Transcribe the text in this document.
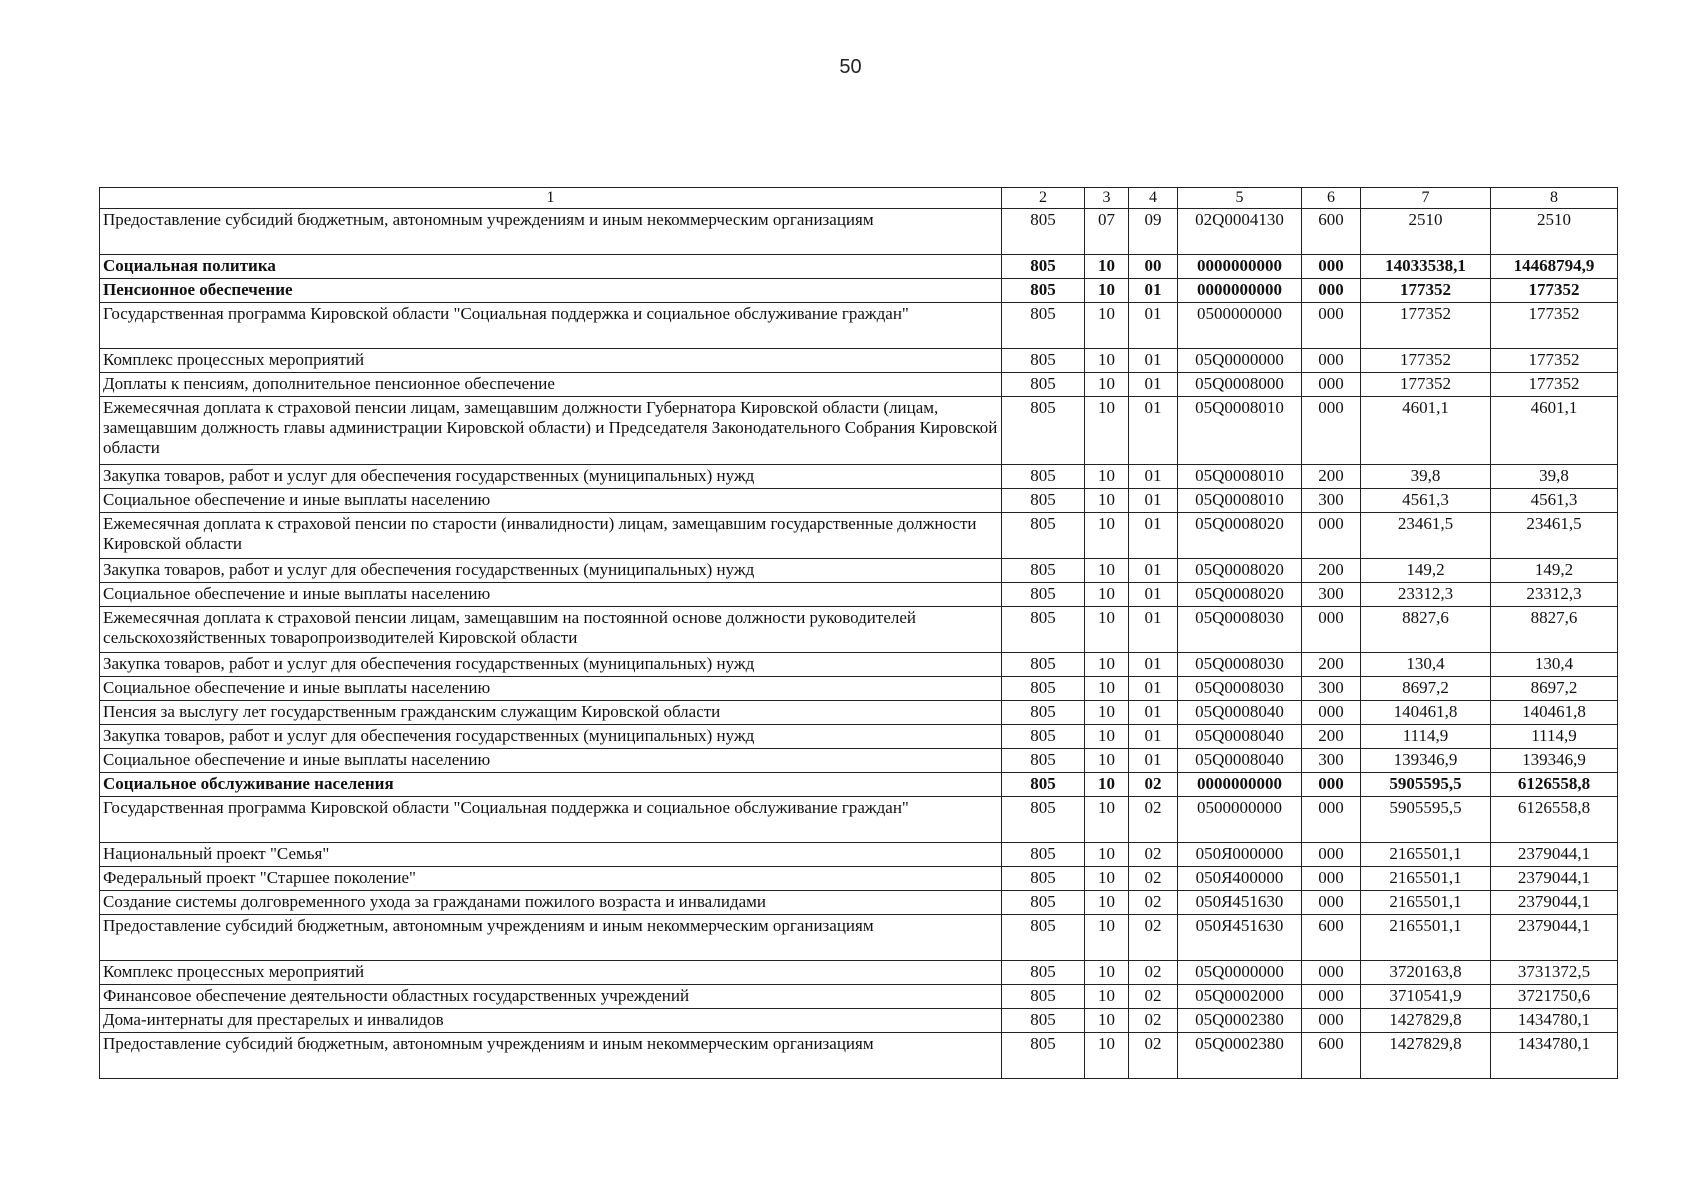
50
1	2	3	4	5	6	7	8
Предоставление субсидий бюджетным, автономным учреждениям и иным некоммерческим организациям	805	07	09	02Q0004130	600	2510	2510
Социальная политика	805	10	00	0000000000	000	14033538,1	14468794,9
Пенсионное обеспечение	805	10	01	0000000000	000	177352	177352
Государственная программа Кировской области "Социальная поддержка и социальное обслуживание граждан"	805	10	01	0500000000	000	177352	177352
Комплекс процессных мероприятий	805	10	01	05Q0000000	000	177352	177352
Доплаты к пенсиям, дополнительное пенсионное обеспечение	805	10	01	05Q0008000	000	177352	177352
Ежемесячная доплата к страховой пенсии лицам, замещавшим должности Губернатора Кировской области (лицам, замещавшим должность главы администрации Кировской области) и Председателя Законодательного Собрания Кировской области	805	10	01	05Q0008010	000	4601,1	4601,1
Закупка товаров, работ и услуг для обеспечения государственных (муниципальных) нужд	805	10	01	05Q0008010	200	39,8	39,8
Социальное обеспечение и иные выплаты населению	805	10	01	05Q0008010	300	4561,3	4561,3
Ежемесячная доплата к страховой пенсии по старости (инвалидности) лицам, замещавшим государственные должности Кировской области	805	10	01	05Q0008020	000	23461,5	23461,5
Закупка товаров, работ и услуг для обеспечения государственных (муниципальных) нужд	805	10	01	05Q0008020	200	149,2	149,2
Социальное обеспечение и иные выплаты населению	805	10	01	05Q0008020	300	23312,3	23312,3
Ежемесячная доплата к страховой пенсии лицам, замещавшим на постоянной основе должности руководителей сельскохозяйственных товаропроизводителей Кировской области	805	10	01	05Q0008030	000	8827,6	8827,6
Закупка товаров, работ и услуг для обеспечения государственных (муниципальных) нужд	805	10	01	05Q0008030	200	130,4	130,4
Социальное обеспечение и иные выплаты населению	805	10	01	05Q0008030	300	8697,2	8697,2
Пенсия за выслугу лет государственным гражданским служащим Кировской области	805	10	01	05Q0008040	000	140461,8	140461,8
Закупка товаров, работ и услуг для обеспечения государственных (муниципальных) нужд	805	10	01	05Q0008040	200	1114,9	1114,9
Социальное обеспечение и иные выплаты населению	805	10	01	05Q0008040	300	139346,9	139346,9
Социальное обслуживание населения	805	10	02	0000000000	000	5905595,5	6126558,8
Государственная программа Кировской области "Социальная поддержка и социальное обслуживание граждан"	805	10	02	0500000000	000	5905595,5	6126558,8
Национальный проект "Семья"	805	10	02	050Я000000	000	2165501,1	2379044,1
Федеральный проект "Старшее поколение"	805	10	02	050Я400000	000	2165501,1	2379044,1
Создание системы долговременного ухода за гражданами пожилого возраста и инвалидами	805	10	02	050Я451630	000	2165501,1	2379044,1
Предоставление субсидий бюджетным, автономным учреждениям и иным некоммерческим организациям	805	10	02	050Я451630	600	2165501,1	2379044,1
Комплекс процессных мероприятий	805	10	02	05Q0000000	000	3720163,8	3731372,5
Финансовое обеспечение деятельности областных государственных учреждений	805	10	02	05Q0002000	000	3710541,9	3721750,6
Дома-интернаты для престарелых и инвалидов	805	10	02	05Q0002380	000	1427829,8	1434780,1
Предоставление субсидий бюджетным, автономным учреждениям и иным некоммерческим организациям	805	10	02	05Q0002380	600	1427829,8	1434780,1
